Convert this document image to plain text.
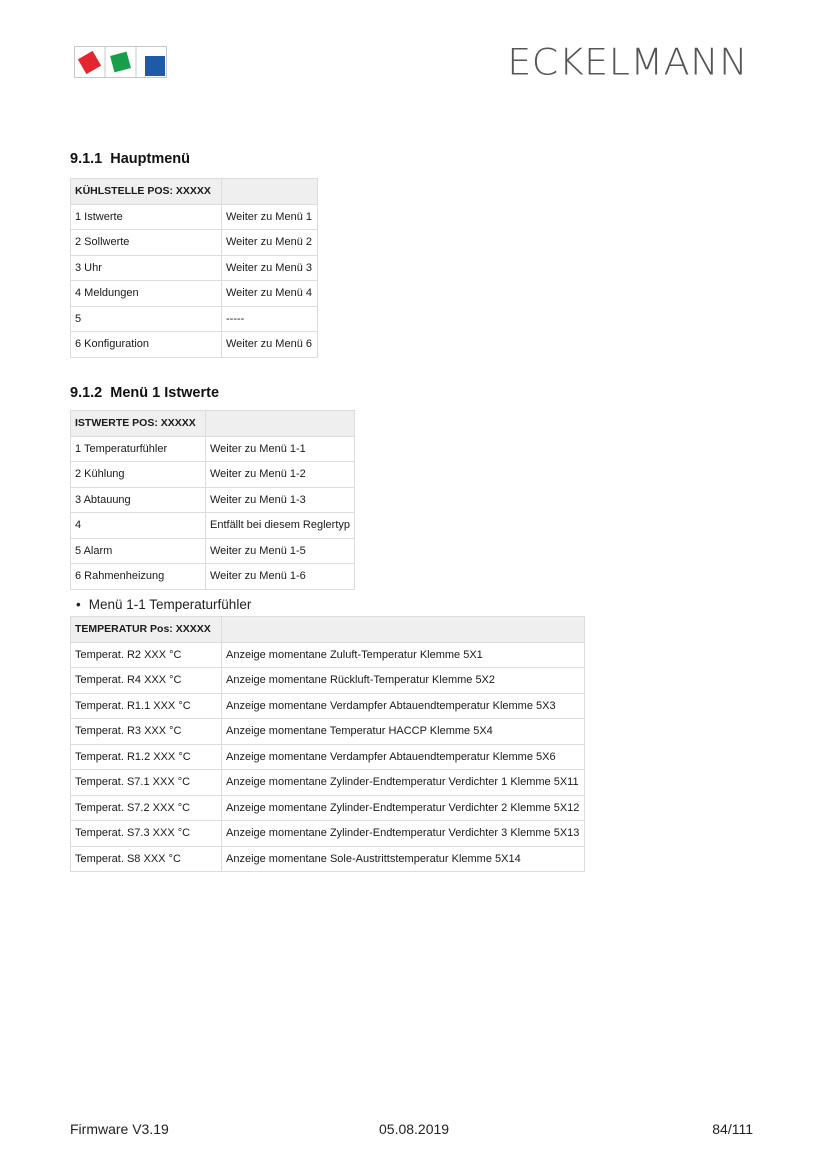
ECKELMANN
9.1.1 Hauptmenü
KÜHLSTELLE POS: XXXXX	
1 Istwerte	Weiter zu Menü 1
2 Sollwerte	Weiter zu Menü 2
3 Uhr	Weiter zu Menü 3
4 Meldungen	Weiter zu Menü 4
5	-----
6 Konfiguration	Weiter zu Menü 6
9.1.2 Menü 1 Istwerte
ISTWERTE POS: XXXXX	
1 Temperaturfühler	Weiter zu Menü 1-1
2 Kühlung	Weiter zu Menü 1-2
3 Abtauung	Weiter zu Menü 1-3
4	Entfällt bei diesem Reglertyp
5 Alarm	Weiter zu Menü 1-5
6 Rahmenheizung	Weiter zu Menü 1-6
• Menü 1-1 Temperaturfühler
TEMPERATUR Pos: XXXXX	
Temperat. R2 XXX °C	Anzeige momentane Zuluft-Temperatur Klemme 5X1
Temperat. R4 XXX °C	Anzeige momentane Rückluft-Temperatur Klemme 5X2
Temperat. R1.1 XXX °C	Anzeige momentane Verdampfer Abtauendtemperatur Klemme 5X3
Temperat. R3 XXX °C	Anzeige momentane Temperatur HACCP Klemme 5X4
Temperat. R1.2 XXX °C	Anzeige momentane Verdampfer Abtauendtemperatur Klemme 5X6
Temperat. S7.1 XXX °C	Anzeige momentane Zylinder-Endtemperatur Verdichter 1 Klemme 5X11
Temperat. S7.2 XXX °C	Anzeige momentane Zylinder-Endtemperatur Verdichter 2 Klemme 5X12
Temperat. S7.3 XXX °C	Anzeige momentane Zylinder-Endtemperatur Verdichter 3 Klemme 5X13
Temperat. S8 XXX °C	Anzeige momentane Sole-Austrittstemperatur Klemme 5X14
Firmware V3.19	05.08.2019	84/111
